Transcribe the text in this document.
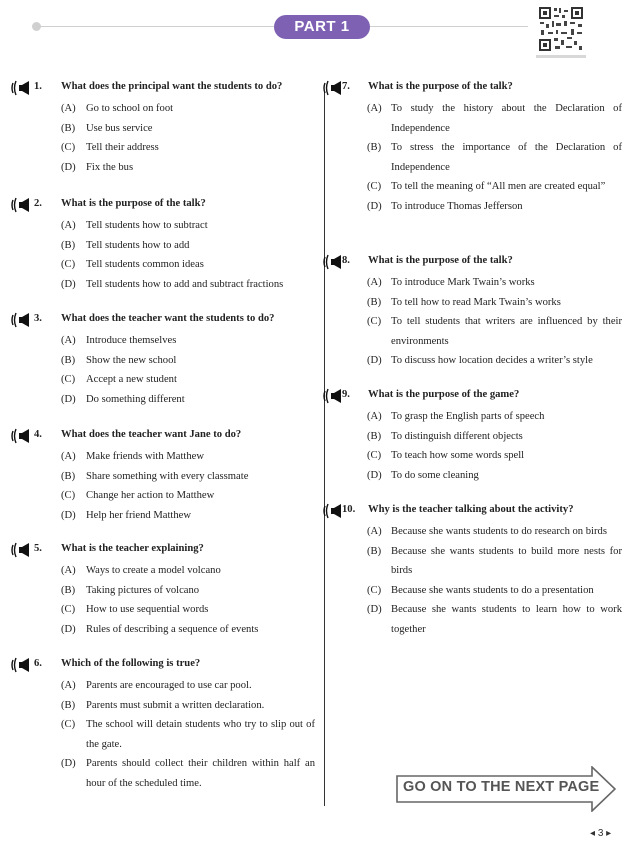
PART 1
1. What does the principal want the students to do?
(A) Go to school on foot
(B) Use bus service
(C) Tell their address
(D) Fix the bus
2. What is the purpose of the talk?
(A) Tell students how to subtract
(B) Tell students how to add
(C) Tell students common ideas
(D) Tell students how to add and subtract fractions
3. What does the teacher want the students to do?
(A) Introduce themselves
(B) Show the new school
(C) Accept a new student
(D) Do something different
4. What does the teacher want Jane to do?
(A) Make friends with Matthew
(B) Share something with every classmate
(C) Change her action to Matthew
(D) Help her friend Matthew
5. What is the teacher explaining?
(A) Ways to create a model volcano
(B) Taking pictures of volcano
(C) How to use sequential words
(D) Rules of describing a sequence of events
6. Which of the following is true?
(A) Parents are encouraged to use car pool.
(B) Parents must submit a written declaration.
(C) The school will detain students who try to slip out of the gate.
(D) Parents should collect their children within half an hour of the scheduled time.
7. What is the purpose of the talk?
(A) To study the history about the Declaration of Independence
(B) To stress the importance of the Declaration of Independence
(C) To tell the meaning of “All men are created equal”
(D) To introduce Thomas Jefferson
8. What is the purpose of the talk?
(A) To introduce Mark Twain’s works
(B) To tell how to read Mark Twain’s works
(C) To tell students that writers are influenced by their environments
(D) To discuss how location decides a writer’s style
9. What is the purpose of the game?
(A) To grasp the English parts of speech
(B) To distinguish different objects
(C) To teach how some words spell
(D) To do some cleaning
10. Why is the teacher talking about the activity?
(A) Because she wants students to do research on birds
(B) Because she wants students to build more nests for birds
(C) Because she wants students to do a presentation
(D) Because she wants students to learn how to work together
GO ON TO THE NEXT PAGE
◂ 3 ▸
